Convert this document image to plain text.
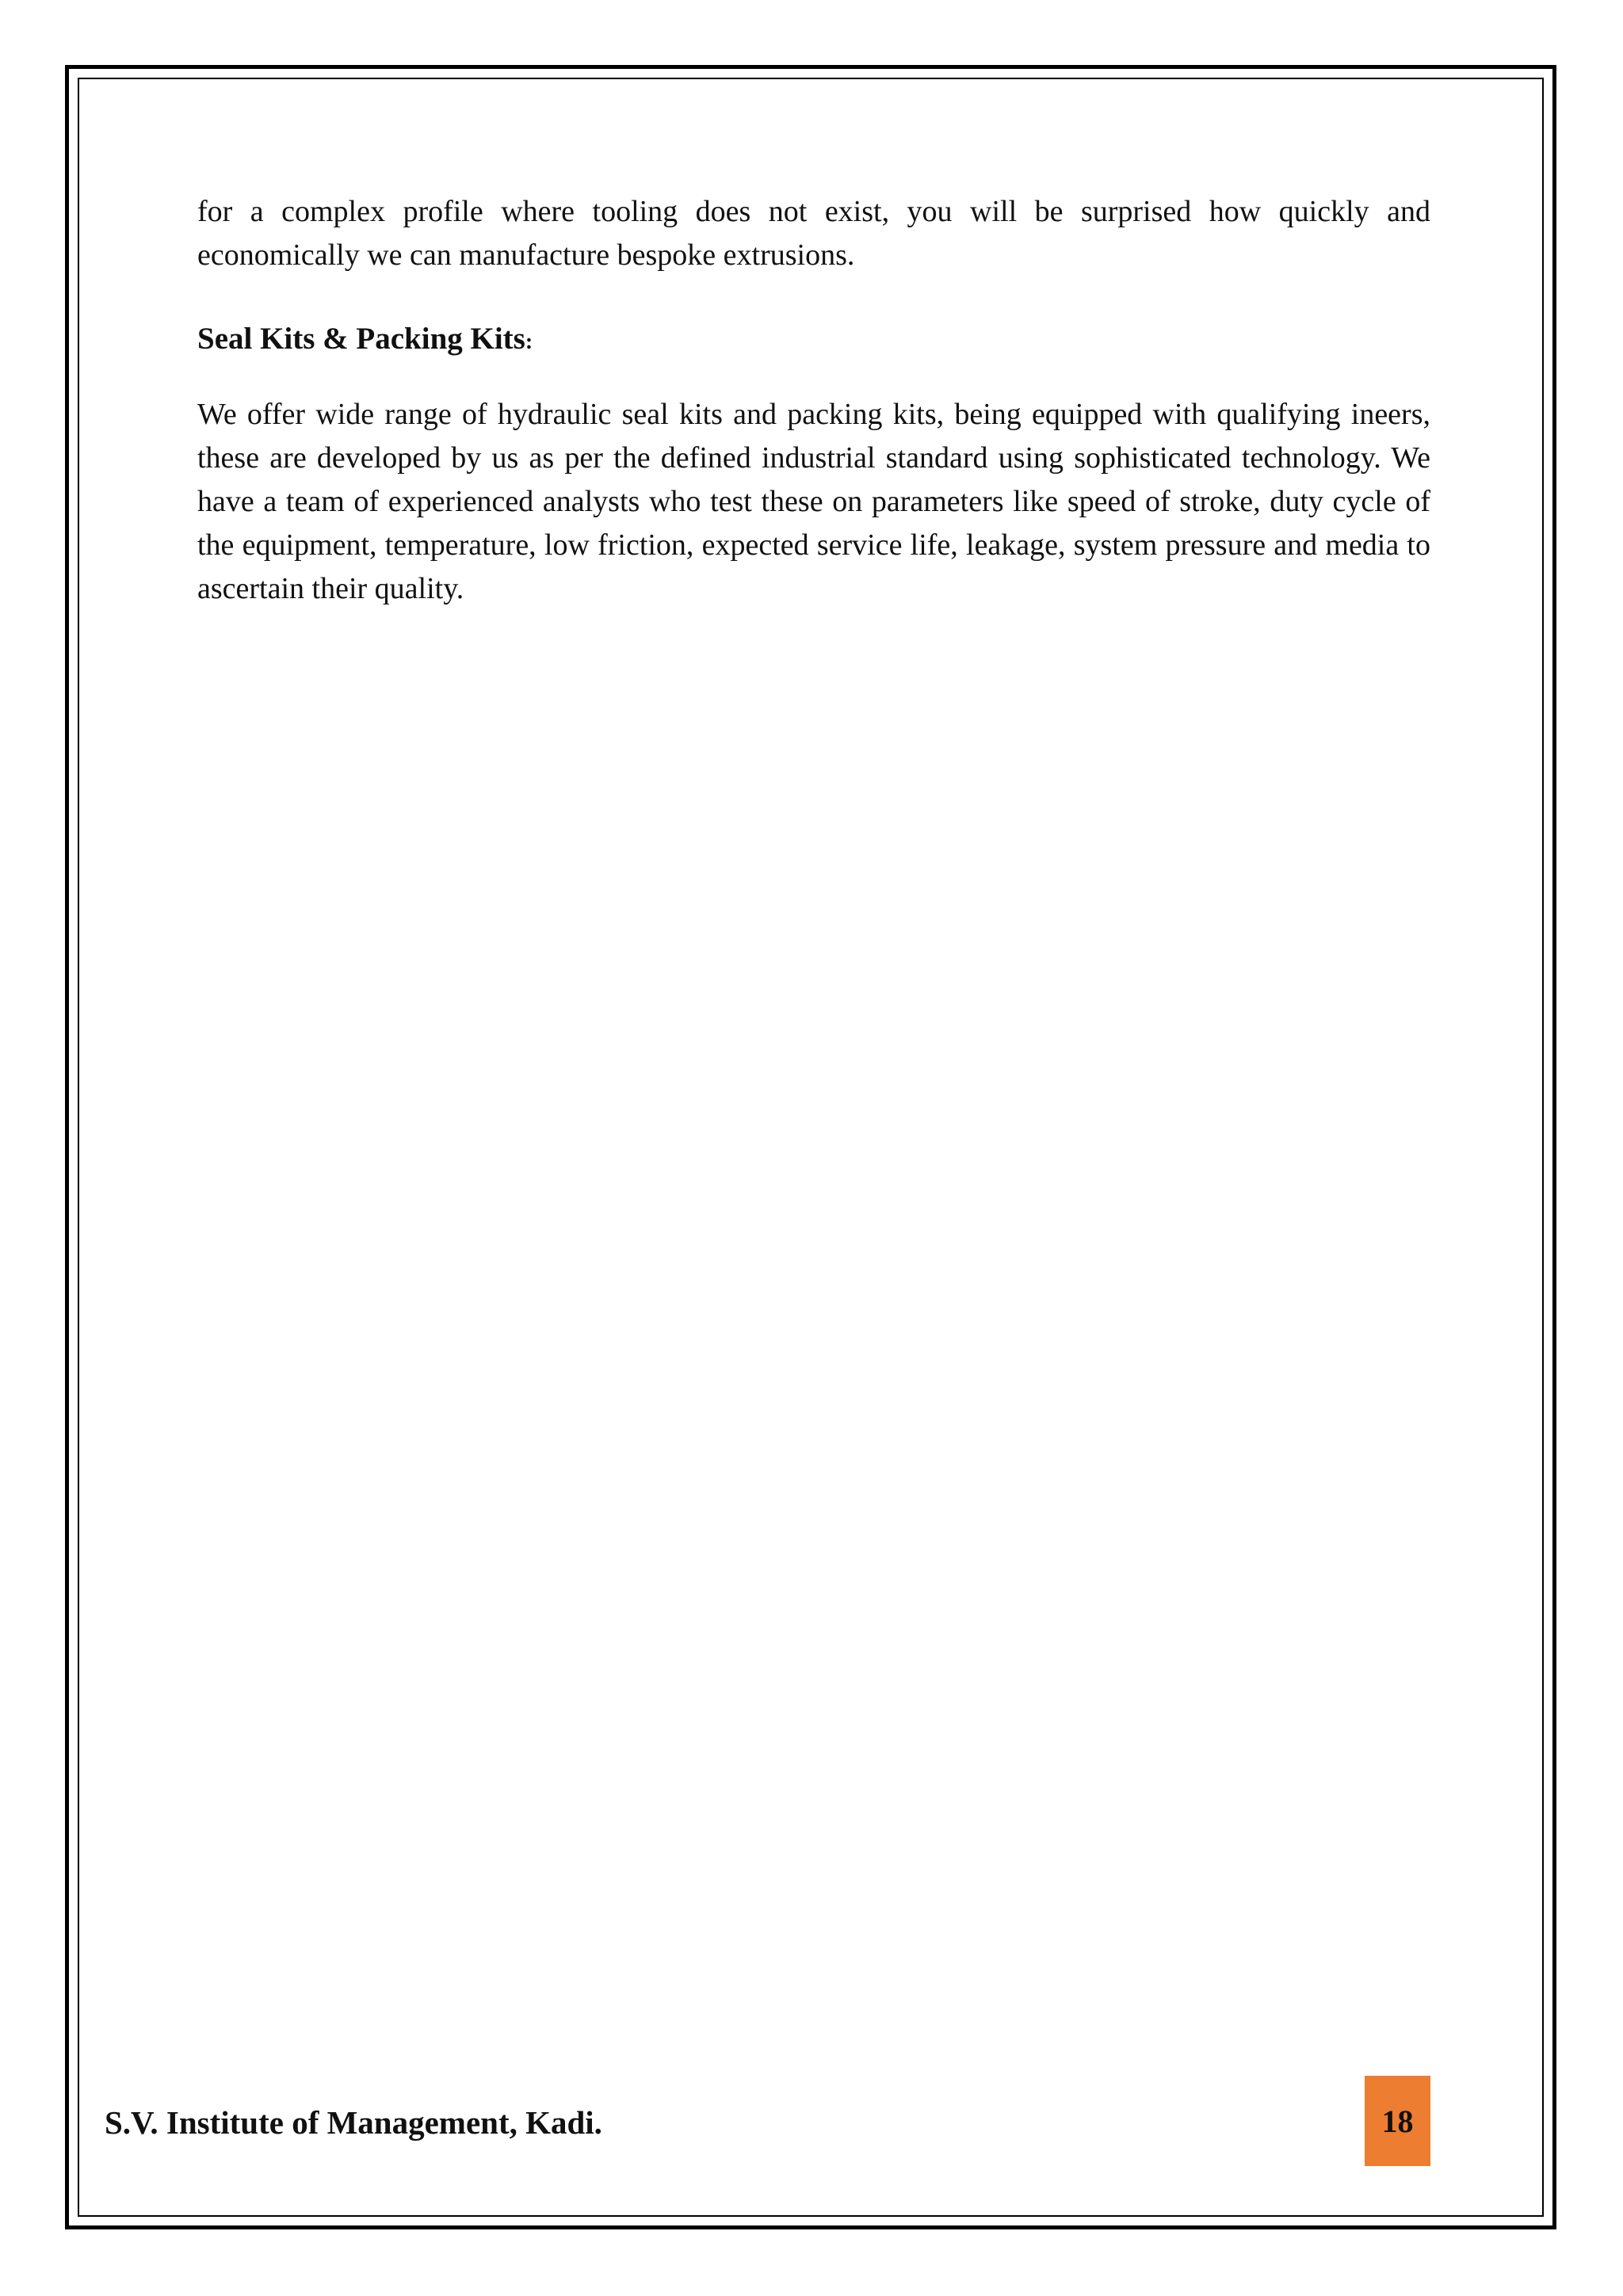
for a complex profile where tooling does not exist, you will be surprised how quickly and economically we can manufacture bespoke extrusions.

Seal Kits & Packing Kits:

We offer wide range of hydraulic seal kits and packing kits, being equipped with qualifying ineers, these are developed by us as per the defined industrial standard using sophisticated technology. We have a team of experienced analysts who test these on parameters like speed of stroke, duty cycle of the equipment, temperature, low friction, expected service life, leakage, system pressure and media to ascertain their quality.

S.V. Institute of Management, Kadi.	18
